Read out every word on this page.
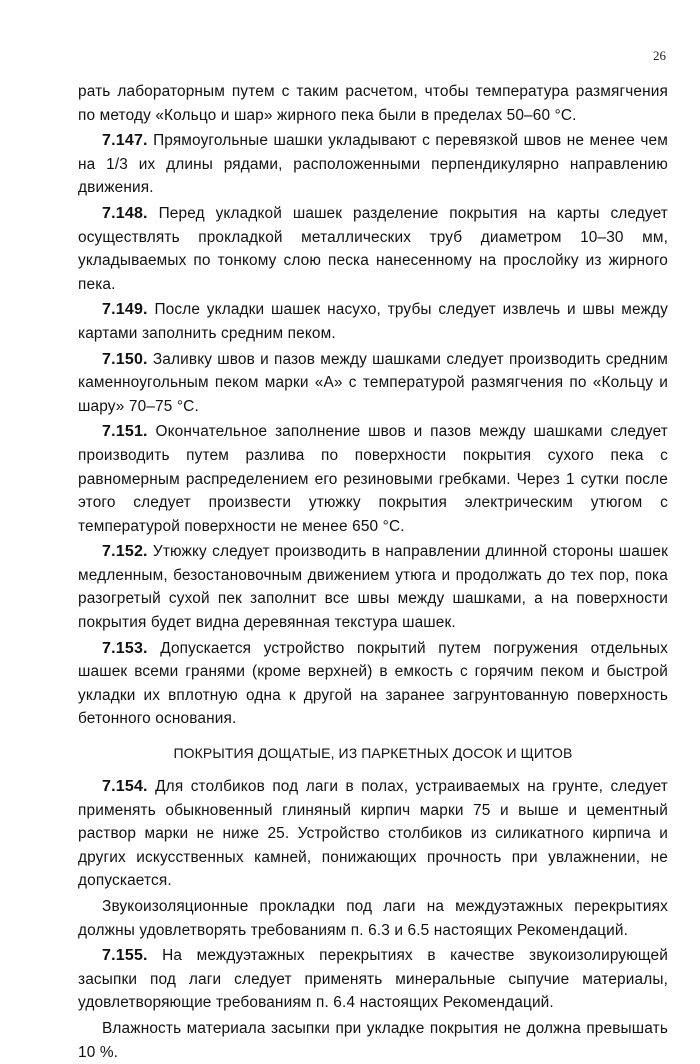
26

рать лабораторным путем с таким расчетом, чтобы температура размягчения по методу «Кольцо и шар» жирного пека были в пределах 50–60 °С.

7.147. Прямоугольные шашки укладывают с перевязкой швов не менее чем на 1/3 их длины рядами, расположенными перпендикулярно направлению движения.

7.148. Перед укладкой шашек разделение покрытия на карты следует осуществлять прокладкой металлических труб диаметром 10–30 мм, укладываемых по тонкому слою песка нанесенному на прослойку из жирного пека.

7.149. После укладки шашек насухо, трубы следует извлечь и швы между картами заполнить средним пеком.

7.150. Заливку швов и пазов между шашками следует производить средним каменноугольным пеком марки «А» с температурой размягчения по «Кольцу и шару» 70–75 °С.

7.151. Окончательное заполнение швов и пазов между шашками следует производить путем разлива по поверхности покрытия сухого пека с равномерным распределением его резиновыми гребками. Через 1 сутки после этого следует произвести утюжку покрытия электрическим утюгом с температурой поверхности не менее 650 °С.

7.152. Утюжку следует производить в направлении длинной стороны шашек медленным, безостановочным движением утюга и продолжать до тех пор, пока разогретый сухой пек заполнит все швы между шашками, а на поверхности покрытия будет видна деревянная текстура шашек.

7.153. Допускается устройство покрытий путем погружения отдельных шашек всеми гранями (кроме верхней) в емкость с горячим пеком и быстрой укладки их вплотную одна к другой на заранее загрунтованную поверхность бетонного основания.

ПОКРЫТИЯ ДОЩАТЫЕ, ИЗ ПАРКЕТНЫХ ДОСОК И ЩИТОВ

7.154. Для столбиков под лаги в полах, устраиваемых на грунте, следует применять обыкновенный глиняный кирпич марки 75 и выше и цементный раствор марки не ниже 25. Устройство столбиков из силикатного кирпича и других искусственных камней, понижающих прочность при увлажнении, не допускается.

Звукоизоляционные прокладки под лаги на междуэтажных перекрытиях должны удовлетворять требованиям п. 6.3 и 6.5 настоящих Рекомендаций.

7.155. На междуэтажных перекрытиях в качестве звукоизолирующей засыпки под лаги следует применять минеральные сыпучие материалы, удовлетворяющие требованиям п. 6.4 настоящих Рекомендаций.

Влажность материала засыпки при укладке покрытия не должна превышать 10 %.
